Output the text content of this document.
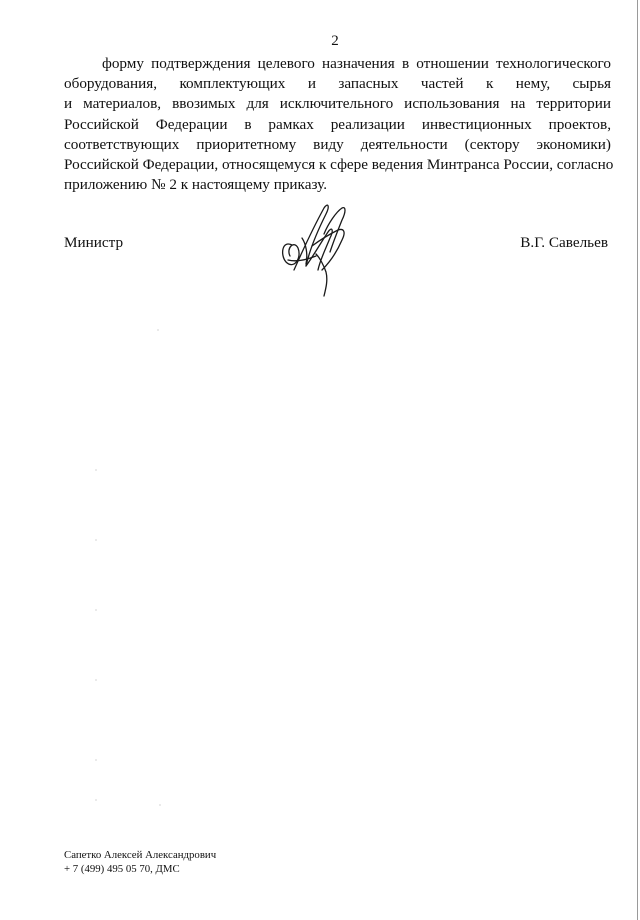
2
форму подтверждения целевого назначения в отношении технологического
оборудования, комплектующих и запасных частей к нему, сырья
и материалов, ввозимых для исключительного использования на территории
Российской Федерации в рамках реализации инвестиционных проектов,
соответствующих приоритетному виду деятельности (сектору экономики)
Российской Федерации, относящемуся к сфере ведения Минтранса России, согласно
приложению № 2 к настоящему приказу.
Министр	В.Г. Савельев
Сапетко Алексей Александрович
+ 7 (499) 495 05 70, ДМС
